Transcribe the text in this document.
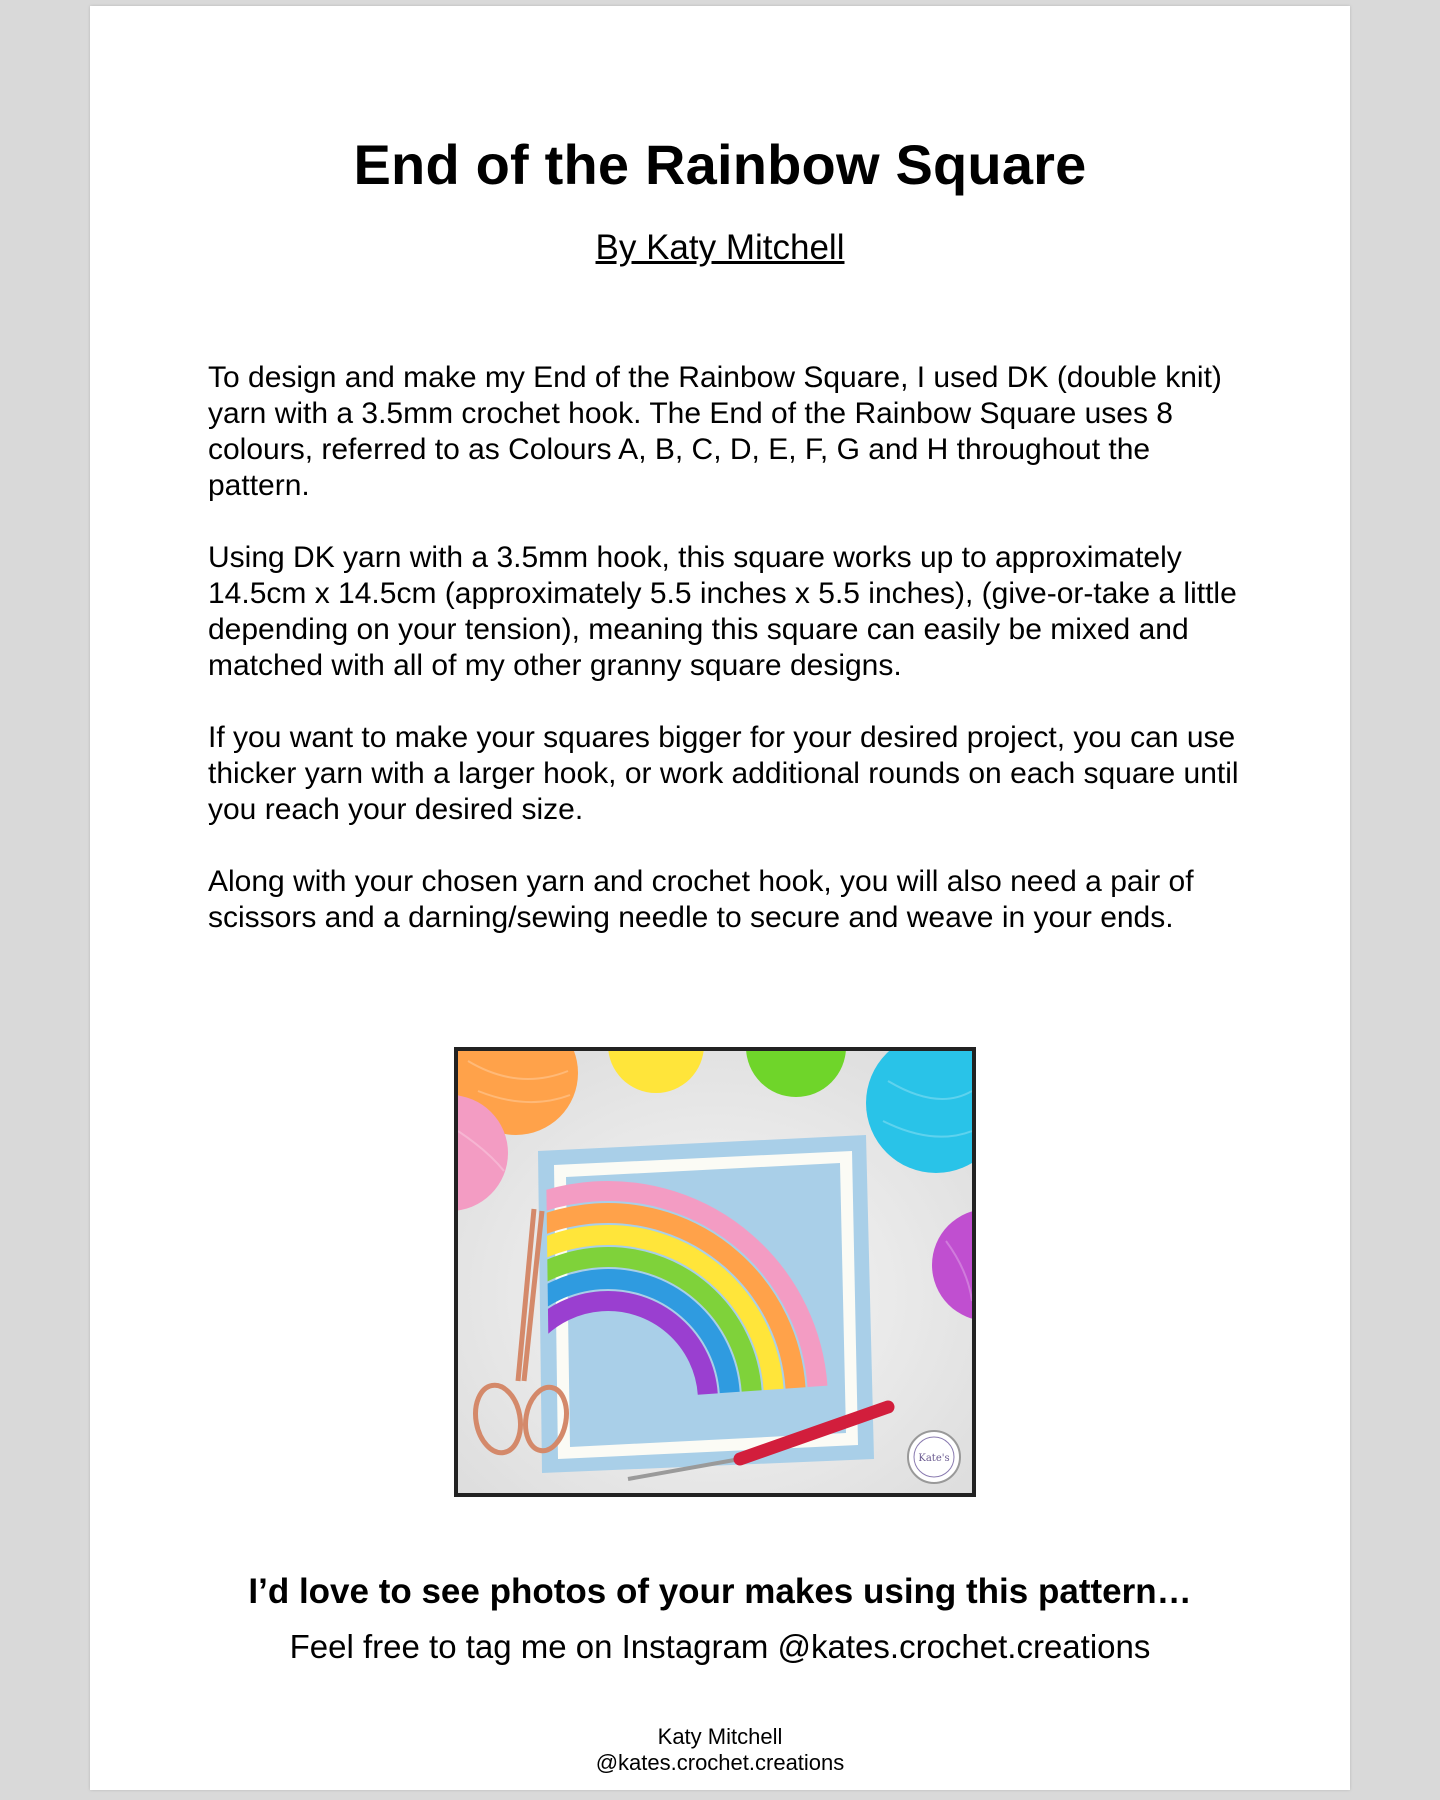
End of the Rainbow Square

By Katy Mitchell

To design and make my End of the Rainbow Square, I used DK (double knit) yarn with a 3.5mm crochet hook. The End of the Rainbow Square uses 8 colours, referred to as Colours A, B, C, D, E, F, G and H throughout the pattern.

Using DK yarn with a 3.5mm hook, this square works up to approximately 14.5cm x 14.5cm (approximately 5.5 inches x 5.5 inches), (give-or-take a little depending on your tension), meaning this square can easily be mixed and matched with all of my other granny square designs.

If you want to make your squares bigger for your desired project, you can use thicker yarn with a larger hook, or work additional rounds on each square until you reach your desired size.

Along with your chosen yarn and crochet hook, you will also need a pair of scissors and a darning/sewing needle to secure and weave in your ends.

Kate's

I’d love to see photos of your makes using this pattern…

Feel free to tag me on Instagram @kates.crochet.creations

Katy Mitchell
@kates.crochet.creations
